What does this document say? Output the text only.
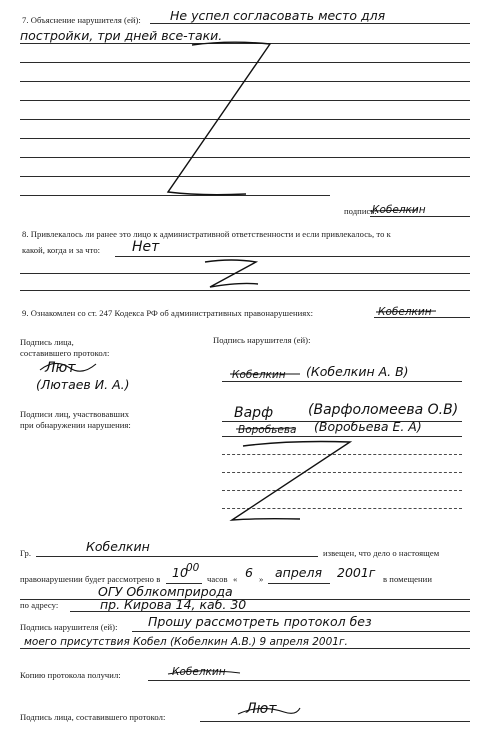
7. Объяснение нарушителя (ей): Не успел согласовать место для
постройки, три дней все-таки.
подпись:
Кобелкин
8. Привлекалось ли ранее это лицо к административной ответственности и если привлекалось, то к
какой, когда и за что: Нет
9. Ознакомлен со ст. 247 Кодекса РФ об административных правонарушениях:	Кобелкин
Подпись лица,
составившего протокол:
Лют
(Лютаев И. А.)
Подпись нарушителя (ей):
Кобелкин (Кобелкин А. В)
Подписи лиц, участвовавших
при обнаружении нарушения:
Варф (Варфоломеева О.В)
Воробьева (Воробьева Е. А)
Гр.	Кобелкин	извещен, что дело о настоящем
правонарушении будет рассмотрено в 10
00
часов « 6 » апреля 2001г в помещении
ОГУ Облкомприрода
по адресу:	пр. Кирова 14, каб. 30
Подпись нарушителя (ей): Прошу рассмотреть протокол без
моего присутствия Кобел (Кобелкин А.В.) 9 апреля 2001г.
Копию протокола получил:	Кобелкин
Подпись лица, составившего протокол:	Лют
